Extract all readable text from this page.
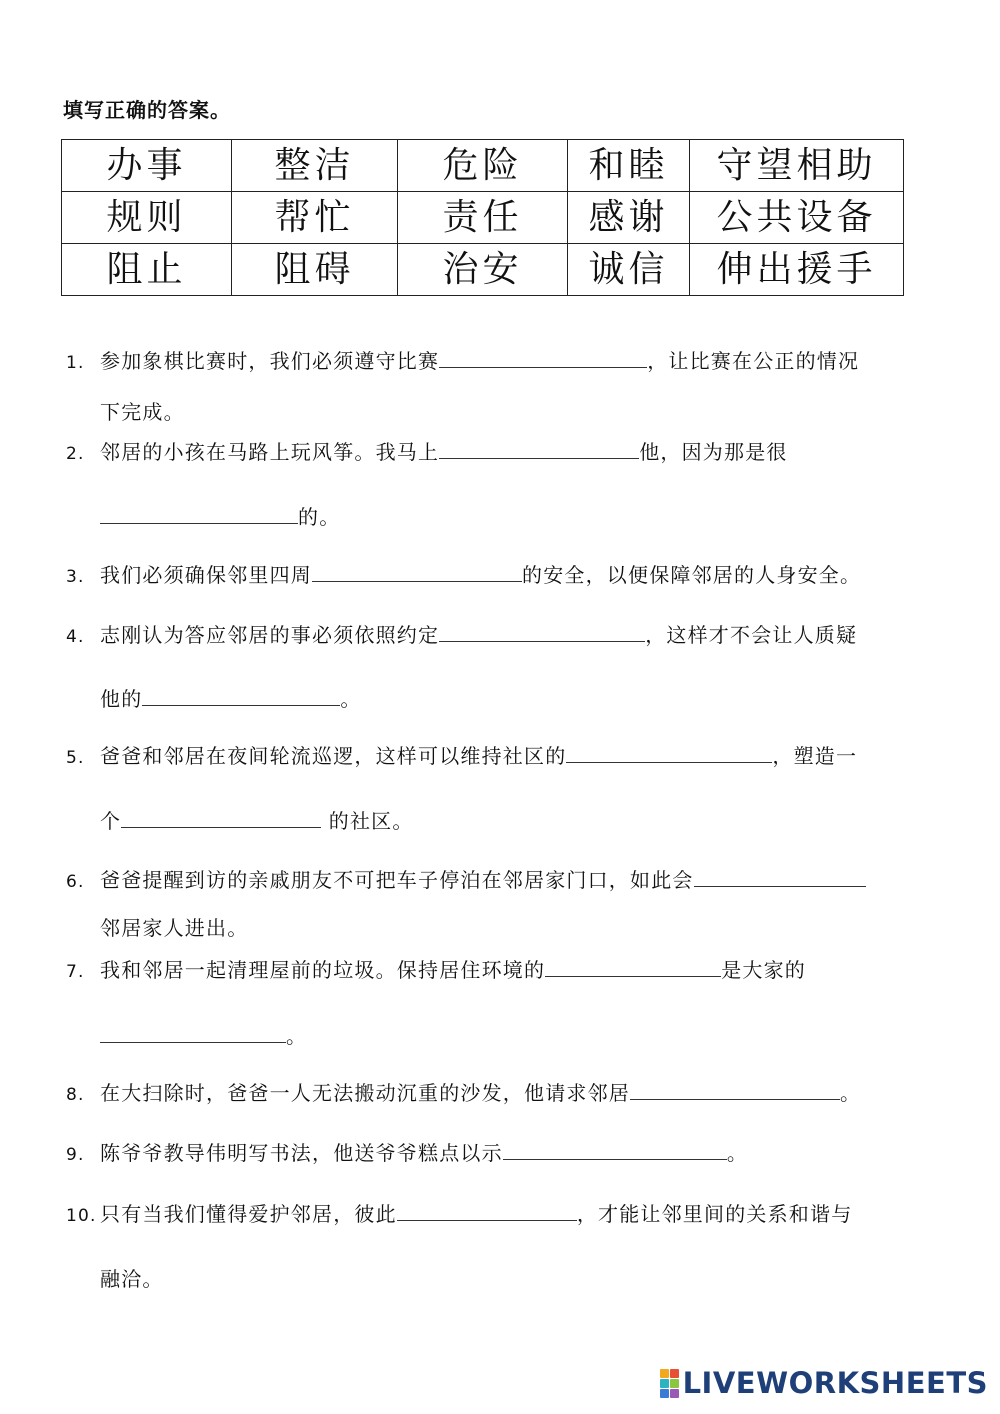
填写正确的答案。
办事	整洁	危险	和睦	守望相助
规则	帮忙	责任	感谢	公共设备
阻止	阻碍	治安	诚信	伸出援手
1. 参加象棋比赛时，我们必须遵守比赛	，让比赛在公正的情况
下完成。
2. 邻居的小孩在马路上玩风筝。我马上	他，因为那是很
的。
3. 我们必须确保邻里四周	的安全，以便保障邻居的人身安全。
4. 志刚认为答应邻居的事必须依照约定	，这样才不会让人质疑
他的	。
5. 爸爸和邻居在夜间轮流巡逻，这样可以维持社区的	，塑造一
个	的社区。
6. 爸爸提醒到访的亲戚朋友不可把车子停泊在邻居家门口，如此会
邻居家人进出。
7. 我和邻居一起清理屋前的垃圾。保持居住环境的	是大家的
。
8. 在大扫除时，爸爸一人无法搬动沉重的沙发，他请求邻居	。
9. 陈爷爷教导伟明写书法，他送爷爷糕点以示	。
10. 只有当我们懂得爱护邻居，彼此	，才能让邻里间的关系和谐与
融洽。
LIVEWORKSHEETS
